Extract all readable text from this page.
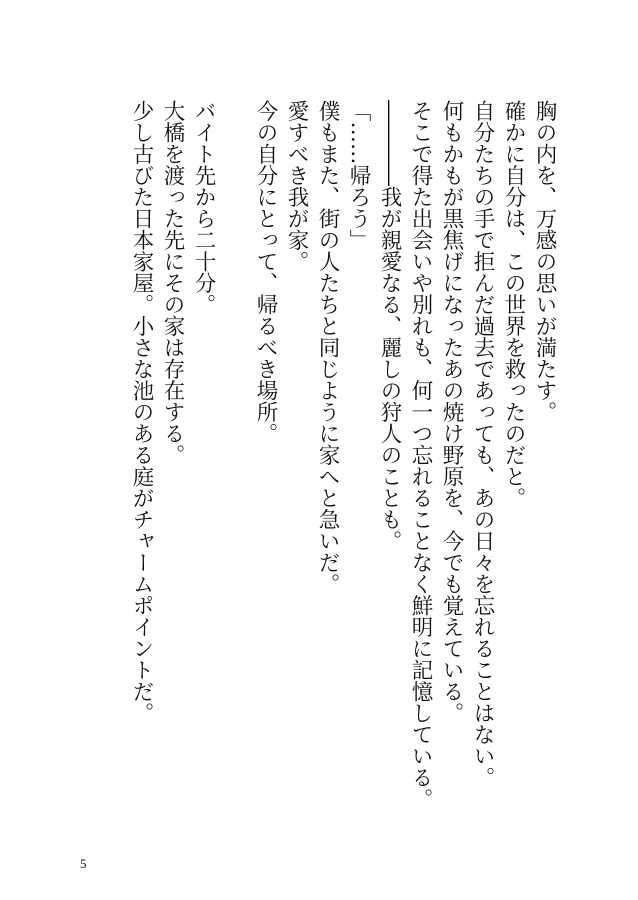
胸の内を、万感の思いが満たす。
確かに自分は、この世界を救ったのだと。
自分たちの手で拒んだ過去であっても、あの日々を忘れることはない。
何もかもが黒焦げになったあの焼け野原を、今でも覚えている。
そこで得た出会いや別れも、何一つ忘れることなく鮮明に記憶している。
――――我が親愛なる、麗しの狩人のことも。
「……帰ろう」
僕もまた、街の人たちと同じように家へと急いだ。
愛すべき我が家。
今の自分にとって、帰るべき場所。
バイト先から二十分。
大橋を渡った先にその家は存在する。
少し古びた日本家屋。小さな池のある庭がチャームポイントだ。
5
